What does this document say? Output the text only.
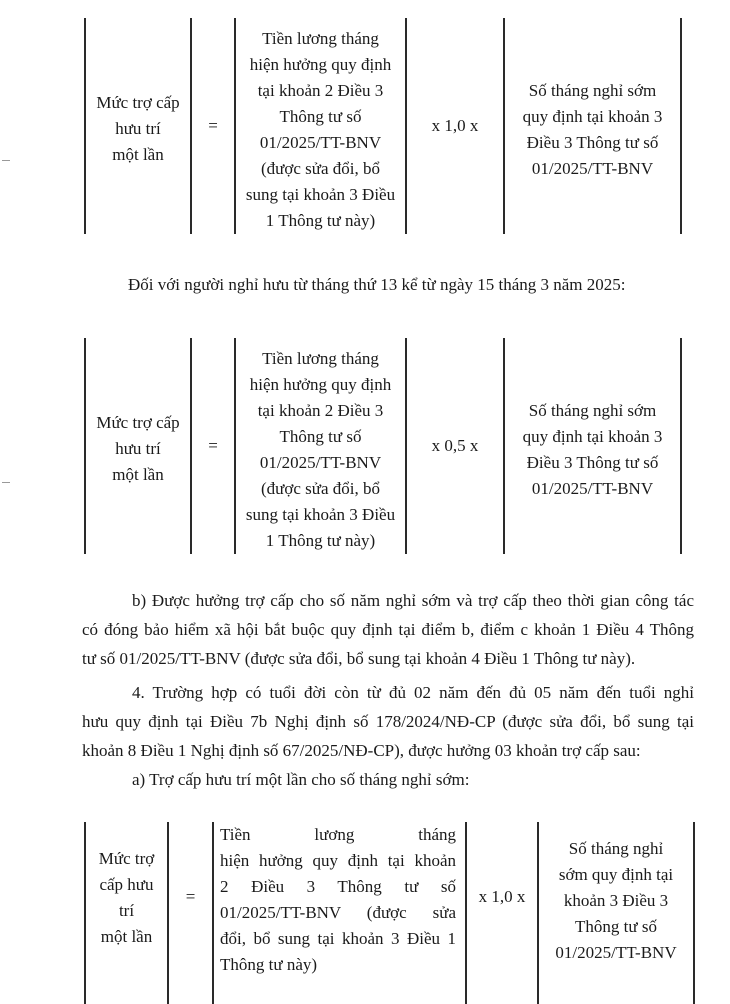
Mức trợ cấp
hưu trí
một lần
=
Tiền lương tháng
hiện hưởng quy định
tại khoản 2 Điều 3
Thông tư số
01/2025/TT-BNV
(được sửa đổi, bổ
sung tại khoản 3 Điều
1 Thông tư này)
x 1,0 x
Số tháng nghỉ sớm
quy định tại khoản 3
Điều 3 Thông tư số
01/2025/TT-BNV
Đối với người nghỉ hưu từ tháng thứ 13 kể từ ngày 15 tháng 3 năm 2025:
Mức trợ cấp
hưu trí
một lần
=
Tiền lương tháng
hiện hưởng quy định
tại khoản 2 Điều 3
Thông tư số
01/2025/TT-BNV
(được sửa đổi, bổ
sung tại khoản 3 Điều
1 Thông tư này)
x 0,5 x
Số tháng nghỉ sớm
quy định tại khoản 3
Điều 3 Thông tư số
01/2025/TT-BNV
b) Được hưởng trợ cấp cho số năm nghỉ sớm và trợ cấp theo thời gian công tác
có đóng bảo hiểm xã hội bắt buộc quy định tại điểm b, điểm c khoản 1 Điều 4 Thông
tư số 01/2025/TT-BNV (được sửa đổi, bổ sung tại khoản 4 Điều 1 Thông tư này).
4. Trường hợp có tuổi đời còn từ đủ 02 năm đến đủ 05 năm đến tuổi nghỉ
hưu quy định tại Điều 7b Nghị định số 178/2024/NĐ-CP (được sửa đổi, bổ sung tại
khoản 8 Điều 1 Nghị định số 67/2025/NĐ-CP), được hưởng 03 khoản trợ cấp sau:
a) Trợ cấp hưu trí một lần cho số tháng nghỉ sớm:
Mức trợ
cấp hưu
trí
một lần
=
Tiền lương tháng
hiện hưởng quy định tại khoản
2 Điều 3 Thông tư số
01/2025/TT-BNV (được sửa
đổi, bổ sung tại khoản 3 Điều 1
Thông tư này)
x 1,0 x
Số tháng nghỉ
sớm quy định tại
khoản 3 Điều 3
Thông tư số
01/2025/TT-BNV
